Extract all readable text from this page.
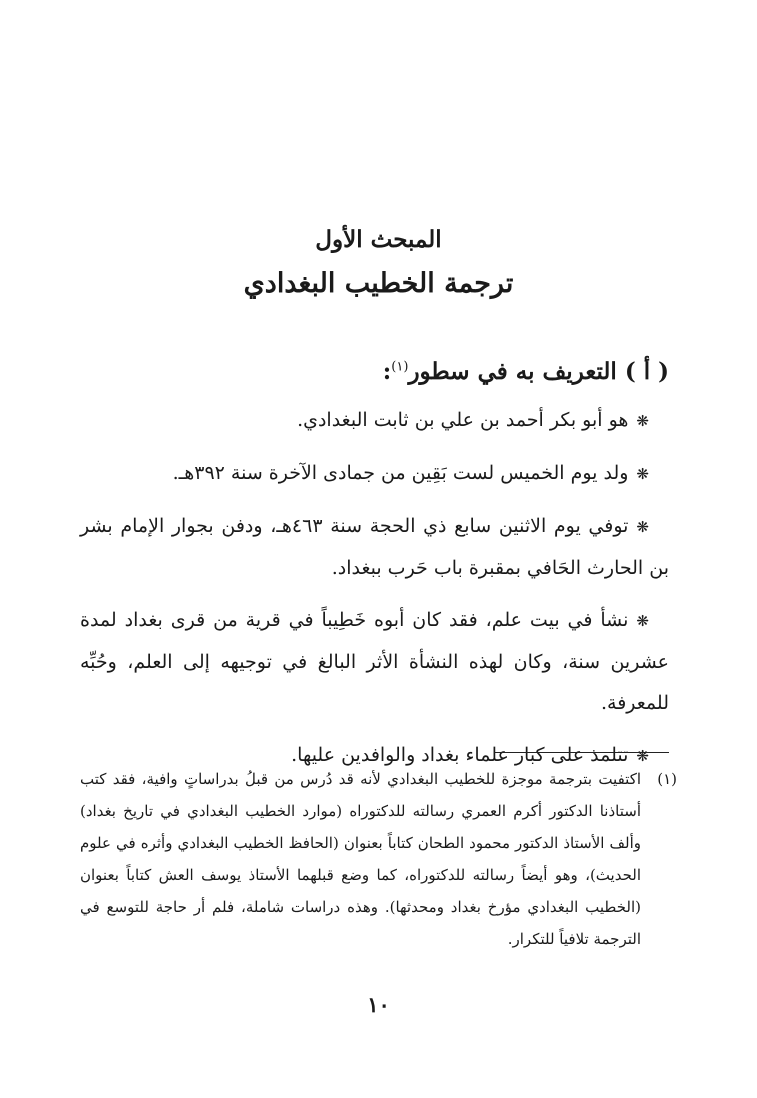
المبحث الأول
ترجمة الخطيب البغدادي
( أ ) التعريف به في سطور$^{(١)}$:

❋هو أبو بكر أحمد بن علي بن ثابت البغدادي.

❋ولد يوم الخميس لست بَقِين من جمادى الآخرة سنة ٣٩٢هـ.

❋توفي يوم الاثنين سابع ذي الحجة سنة ٤٦٣هـ، ودفن بجوار الإمام بشر بن الحارث الحَافي بمقبرة باب حَرب ببغداد.

❋نشأ في بيت علم، فقد كان أبوه خَطِيباً في قرية من قرى بغداد لمدة عشرين سنة، وكان لهذه النشأة الأثر البالغ في توجيهه إلى العلم، وحُبِّه للمعرفة.

❋تتلمذ على كبار علماء بغداد والوافدين عليها.

(١)
اكتفيت بترجمة موجزة للخطيب البغدادي لأنه قد دُرس من قبلُ بدراساتٍ وافية، فقد كتب أستاذنا الدكتور أكرم العمري رسالته للدكتوراه (موارد الخطيب البغدادي في تاريخ بغداد) وألف الأستاذ الدكتور محمود الطحان كتاباً بعنوان (الحافظ الخطيب البغدادي وأثره في علوم الحديث)، وهو أيضاً رسالته للدكتوراه، كما وضع قبلهما الأستاذ يوسف العش كتاباً بعنوان (الخطيب البغدادي مؤرخ بغداد ومحدثها). وهذه دراسات شاملة، فلم أر حاجة للتوسع في الترجمة تلافياً للتكرار.
١٠
